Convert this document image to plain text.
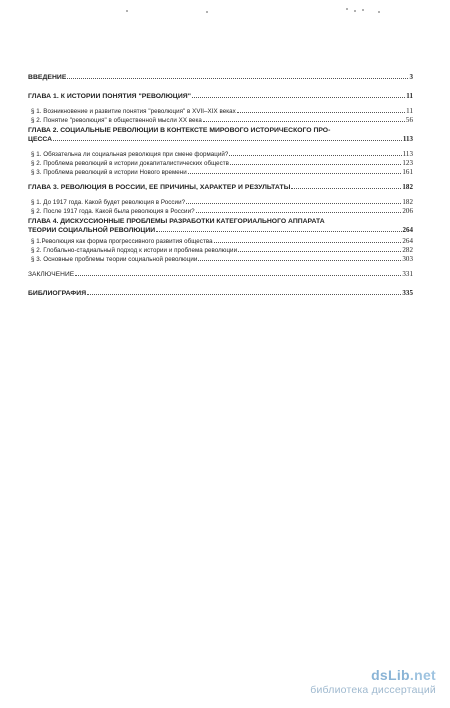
ВВЕДЕНИЕ	3
ГЛАВА 1. К ИСТОРИИ ПОНЯТИЯ "РЕВОЛЮЦИЯ"	11
§ 1. Возникновение и развитие понятия "революция" в XVII–XIX веках	11
§ 2. Понятие "революция" в общественной мысли XX века	56
ГЛАВА 2. СОЦИАЛЬНЫЕ РЕВОЛЮЦИИ В КОНТЕКСТЕ МИРОВОГО ИСТОРИЧЕСКОГО ПРО-
ЦЕССА	113
§ 1. Обязательна ли социальная революция при смене формаций?	113
§ 2. Проблема революций в истории докапиталистических обществ	123
§ 3. Проблема революций в истории Нового времени	161
ГЛАВА 3. РЕВОЛЮЦИЯ В РОССИИ, ЕЁ ПРИЧИНЫ, ХАРАКТЕР И РЕЗУЛЬТАТЫ	182
§ 1. До 1917 года. Какой будет революция в России?	182
§ 2. После 1917 года. Какой была революция в России?	206
ГЛАВА 4. ДИСКУССИОННЫЕ ПРОБЛЕМЫ РАЗРАБОТКИ КАТЕГОРИАЛЬНОГО АППАРАТА
ТЕОРИИ СОЦИАЛЬНОЙ РЕВОЛЮЦИИ	264
§ 1.Революция как форма прогрессивного развития общества	264
§ 2. Глобально-стадиальный подход к истории и проблема революции	282
§ 3. Основные проблемы теории социальной революции	303
ЗАКЛЮЧЕНИЕ	331
БИБЛИОГРАФИЯ	335
dsLib.net
библиотека диссертаций
